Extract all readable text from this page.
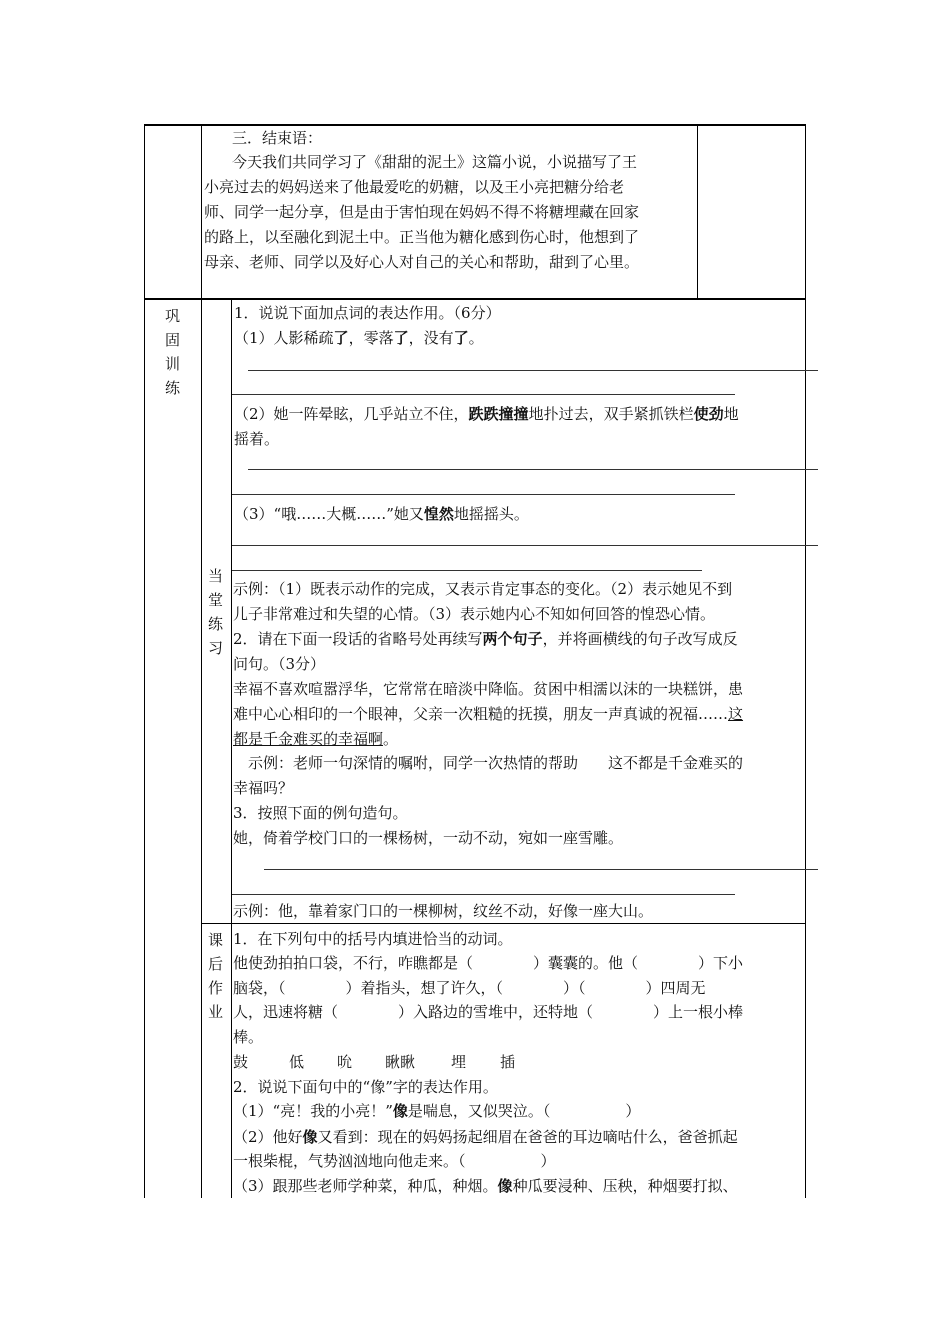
三．结束语：
今天我们共同学习了《甜甜的泥土》这篇小说，小说描写了王
小亮过去的妈妈送来了他最爱吃的奶糖，以及王小亮把糖分给老
师、同学一起分享，但是由于害怕现在妈妈不得不将糖埋藏在回家
的路上，以至融化到泥土中。正当他为糖化感到伤心时，他想到了
母亲、老师、同学以及好心人对自己的关心和帮助，甜到了心里。
巩
固
训
练
当
堂
练
习
课
后
作
业
1．说说下面加点词的表达作用。（6分）
（1）人影稀疏了，零落了，没有了。
（2）她一阵晕眩，几乎站立不住，跌跌撞撞地扑过去，双手紧抓铁栏使劲地
摇着。
（3）“哦……大概……”她又惶然地摇摇头。
示例：（1）既表示动作的完成，又表示肯定事态的变化。（2）表示她见不到
儿子非常难过和失望的心情。（3）表示她内心不知如何回答的惶恐心情。
2．请在下面一段话的省略号处再续写两个句子，并将画横线的句子改写成反
问句。（3分）
幸福不喜欢喧嚣浮华，它常常在暗淡中降临。贫困中相濡以沫的一块糕饼，患
难中心心相印的一个眼神，父亲一次粗糙的抚摸，朋友一声真诚的祝福……这
都是千金难买的幸福啊。
示例：老师一句深情的嘱咐，同学一次热情的帮助　　这不都是千金难买的
幸福吗？
3．按照下面的例句造句。
她，倚着学校门口的一棵杨树，一动不动，宛如一座雪雕。
示例：他，靠着家门口的一棵柳树，纹丝不动，好像一座大山。
1．在下列句中的括号内填进恰当的动词。
他使劲拍拍口袋，不行，咋瞧都是（　　　　）囊囊的。他（　　　　）下小
脑袋，（　　　　）着指头，想了许久，（　　　　）（　　　　）四周无
人，迅速将糖（　　　　）入路边的雪堆中，还特地（　　　　）上一根小棒
棒。
鼓	低 吮 瞅瞅 埋 插
2．说说下面句中的“像”字的表达作用。
（1）“亮！我的小亮！”像是喘息，又似哭泣。（　　　　　）
（2）他好像又看到：现在的妈妈扬起细眉在爸爸的耳边嘀咕什么，爸爸抓起
一根柴棍，气势汹汹地向他走来。（　　　　　）
（3）跟那些老师学种菜，种瓜，种烟。像种瓜要浸种、压秧，种烟要打拟、
